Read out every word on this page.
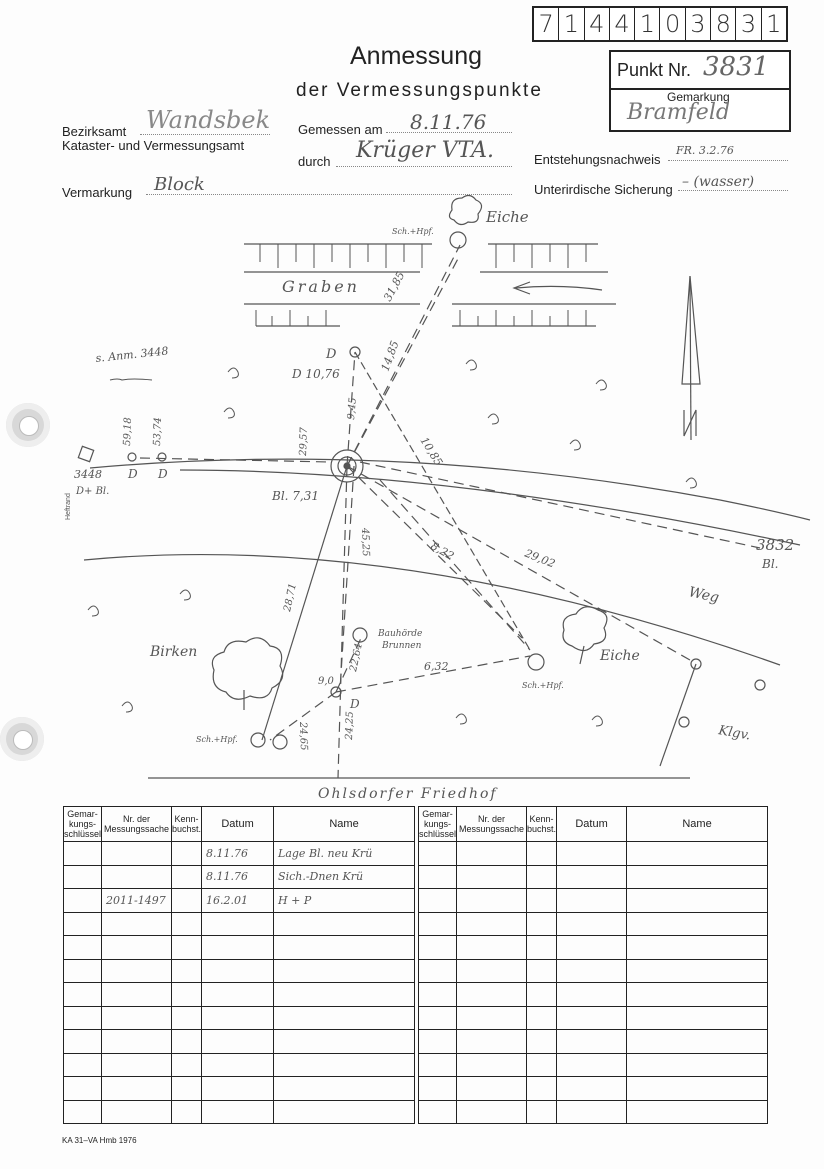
7 1 4 4 1 0 3 8 3 1
Anmessung
der Vermessungspunkte
Punkt Nr. 3831
Gemarkung
Bramfeld
Bezirksamt Wandsbek
Kataster- und Vermessungsamt
Gemessen am 8.11.76
durch Krüger VTA.	Entstehungsnachweis
FR. 3.2.76
Vermarkung Block	Unterirdische Sicherung – (wasser)
Eiche
Sch.+Hpf.
Graben
s. Anm. 3448	D
D 10,76
D D
3448
D+ Bl.	Bl. 7,31
3832
Bl.
Weg
Birken
Bauhörde
Brunnen
Eiche
Sch.+Hpf.
Sch.+Hpf.
D
Klgv.
Ohlsdorfer Friedhof
Heftrand
31,85
14,85
9,45
10,85
29,57
59,18 53,74
8,22	29,02
45,25
28,71
22,64	6,32
9,0
24,65	24,25
Gemar-kungs-schlüssel	Nr. der Messungssache	Kenn-buchst.	Datum	Name
			8.11.76	Lage Bl. neu Krü
			8.11.76	Sich.-Dnen Krü
	2011-1497		16.2.01	H + P

Gemar-kungs-schlüssel	Nr. der Messungssache	Kenn-buchst.	Datum	Name

KA 31–VA Hmb 1976
